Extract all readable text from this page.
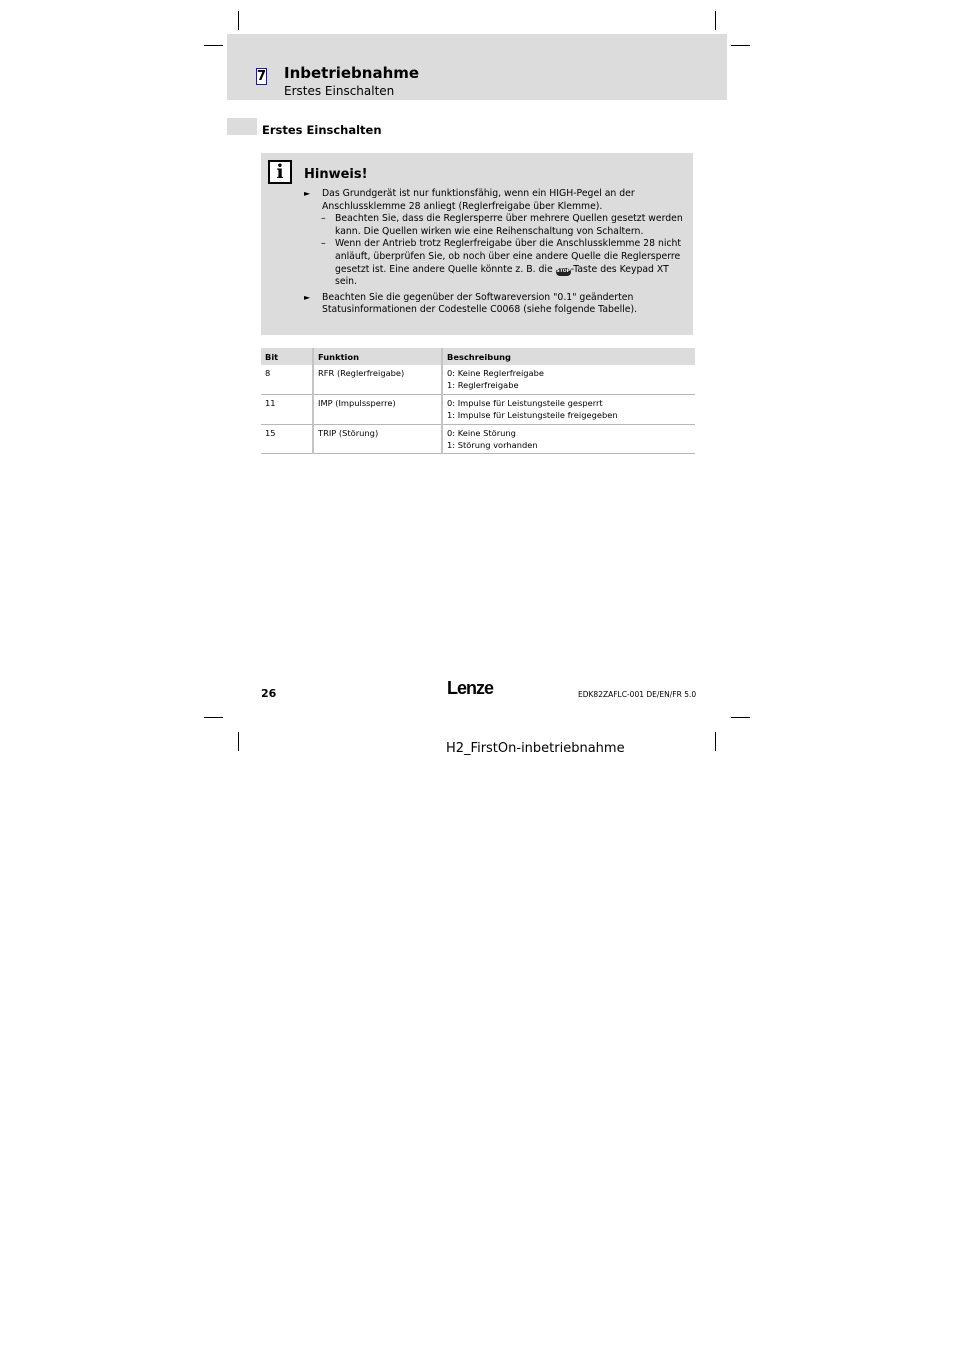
7 Inbetriebnahme
Erstes Einschalten
Erstes Einschalten
i	Hinweis!
► Das Grundgerät ist nur funktionsfähig, wenn ein HIGH-Pegel an der Anschlussklemme 28 anliegt (Reglerfreigabe über Klemme).
– Beachten Sie, dass die Reglersperre über mehrere Quellen gesetzt werden kann. Die Quellen wirken wie eine Reihenschaltung von Schaltern.
– Wenn der Antrieb trotz Reglerfreigabe über die Anschlussklemme 28 nicht anläuft, überprüfen Sie, ob noch über eine andere Quelle die Reglersperre gesetzt ist. Eine andere Quelle könnte z. B. die STOP-Taste des Keypad XT sein.
► Beachten Sie die gegenüber der Softwareversion "0.1" geänderten Statusinformationen der Codestelle C0068 (siehe folgende Tabelle).
Bit	Funktion	Beschreibung
8	RFR (Reglerfreigabe)	0: Keine Reglerfreigabe
1: Reglerfreigabe

11	IMP (Impulssperre)	0: Impulse für Leistungsteile gesperrt
1: Impulse für Leistungsteile freigegeben

15	TRIP (Störung)	0: Keine Störung
1: Störung vorhanden
26	Lenze	EDK82ZAFLC-001 DE/EN/FR 5.0
H2_FirstOn-inbetriebnahme
